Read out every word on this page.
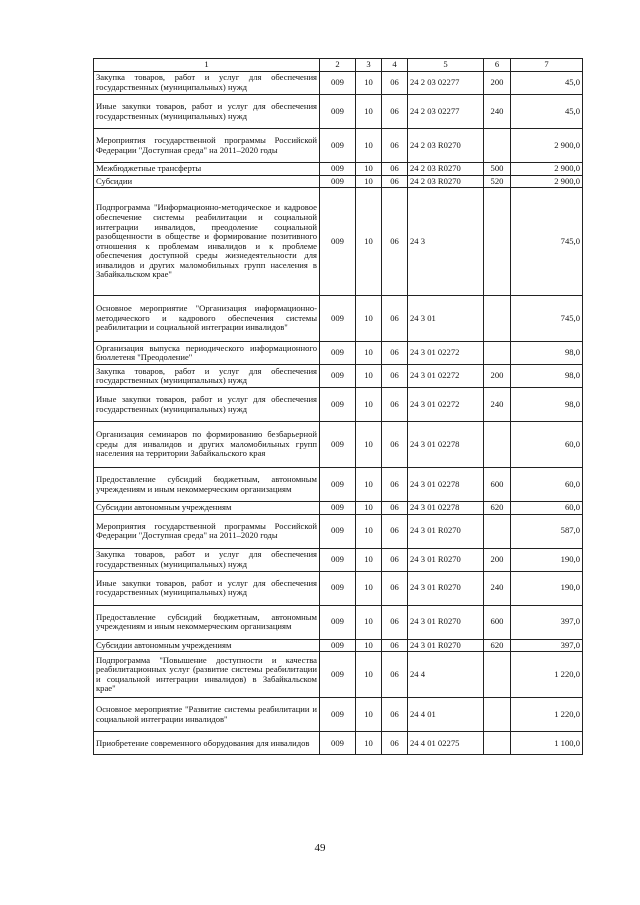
1	2	3	4	5	6	7
Закупка товаров, работ и услуг для обеспечения государственных (муниципальных) нужд	009	10	06	24 2 03 02277	200	45,0
Иные закупки товаров, работ и услуг для обеспечения государственных (муниципальных) нужд	009	10	06	24 2 03 02277	240	45,0
Мероприятия государственной программы Российской Федерации "Доступная среда" на 2011–2020 годы	009	10	06	24 2 03 R0270		2 900,0
Межбюджетные трансферты	009	10	06	24 2 03 R0270	500	2 900,0
Субсидии	009	10	06	24 2 03 R0270	520	2 900,0
Подпрограмма "Информационно-методическое и кадровое обеспечение системы реабилитации и социальной интеграции инвалидов, преодоление социальной разобщенности в обществе и формирование позитивного отношения к проблемам инвалидов и к проблеме обеспечения доступной среды жизнедеятельности для инвалидов и других маломобильных групп населения в Забайкальском крае"	009	10	06	24 3		745,0
Основное мероприятие "Организация информационно-методического и кадрового обеспечения системы реабилитации и социальной интеграции инвалидов"	009	10	06	24 3 01		745,0
Организация выпуска периодического информационного бюллетеня "Преодоление"	009	10	06	24 3 01 02272		98,0
Закупка товаров, работ и услуг для обеспечения государственных (муниципальных) нужд	009	10	06	24 3 01 02272	200	98,0
Иные закупки товаров, работ и услуг для обеспечения государственных (муниципальных) нужд	009	10	06	24 3 01 02272	240	98,0
Организация семинаров по формированию безбарьерной среды для инвалидов и других маломобильных групп населения на территории Забайкальского края	009	10	06	24 3 01 02278		60,0
Предоставление субсидий бюджетным, автономным учреждениям и иным некоммерческим организациям	009	10	06	24 3 01 02278	600	60,0
Субсидии автономным учреждениям	009	10	06	24 3 01 02278	620	60,0
Мероприятия государственной программы Российской Федерации "Доступная среда" на 2011–2020 годы	009	10	06	24 3 01 R0270		587,0
Закупка товаров, работ и услуг для обеспечения государственных (муниципальных) нужд	009	10	06	24 3 01 R0270	200	190,0
Иные закупки товаров, работ и услуг для обеспечения государственных (муниципальных) нужд	009	10	06	24 3 01 R0270	240	190,0
Предоставление субсидий бюджетным, автономным учреждениям и иным некоммерческим организациям	009	10	06	24 3 01 R0270	600	397,0
Субсидии автономным учреждениям	009	10	06	24 3 01 R0270	620	397,0
Подпрограмма "Повышение доступности и качества реабилитационных услуг (развитие системы реабилитации и социальной интеграции инвалидов) в Забайкальском крае"	009	10	06	24 4		1 220,0
Основное мероприятие "Развитие системы реабилитации и социальной интеграции инвалидов"	009	10	06	24 4 01		1 220,0
Приобретение современного оборудования для инвалидов	009	10	06	24 4 01 02275		1 100,0
49
